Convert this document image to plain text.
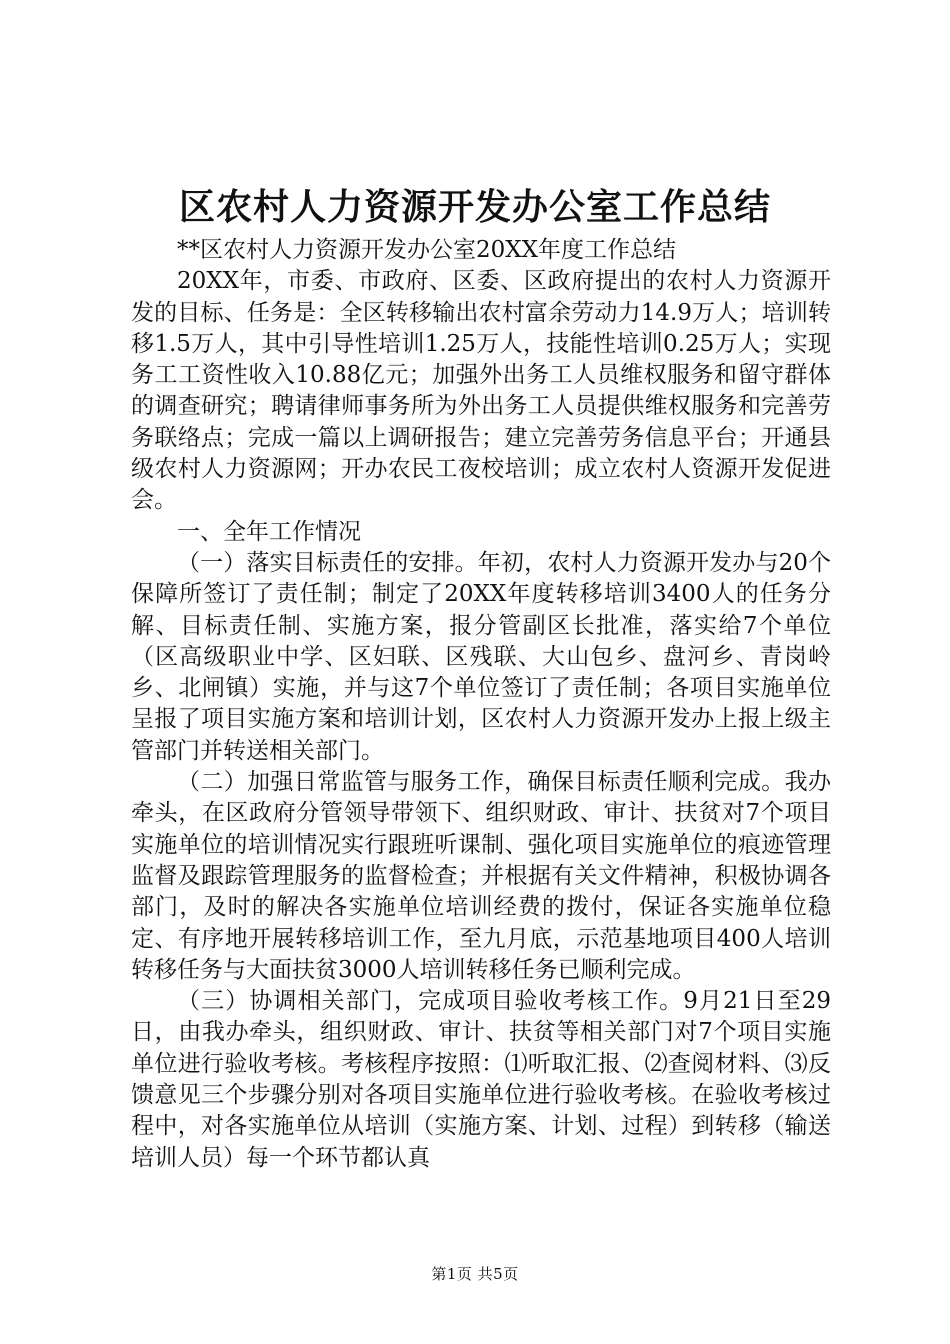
区农村人力资源开发办公室工作总结

**区农村人力资源开发办公室20XX年度工作总结

20XX年，市委、市政府、区委、区政府提出的农村人力资源开发的目标、任务是：全区转移输出农村富余劳动力14.9万人；培训转移1.5万人，其中引导性培训1.25万人，技能性培训0.25万人；实现务工工资性收入10.88亿元；加强外出务工人员维权服务和留守群体的调查研究；聘请律师事务所为外出务工人员提供维权服务和完善劳务联络点；完成一篇以上调研报告；建立完善劳务信息平台；开通县级农村人力资源网；开办农民工夜校培训；成立农村人资源开发促进会。

一、全年工作情况

（一）落实目标责任的安排。年初，农村人力资源开发办与20个保障所签订了责任制；制定了20XX年度转移培训3400人的任务分解、目标责任制、实施方案，报分管副区长批准，落实给7个单位（区高级职业中学、区妇联、区残联、大山包乡、盘河乡、青岗岭乡、北闸镇）实施，并与这7个单位签订了责任制；各项目实施单位呈报了项目实施方案和培训计划，区农村人力资源开发办上报上级主管部门并转送相关部门。

（二）加强日常监管与服务工作，确保目标责任顺利完成。我办牵头，在区政府分管领导带领下、组织财政、审计、扶贫对7个项目实施单位的培训情况实行跟班听课制、强化项目实施单位的痕迹管理监督及跟踪管理服务的监督检查；并根据有关文件精神，积极协调各部门，及时的解决各实施单位培训经费的拨付，保证各实施单位稳定、有序地开展转移培训工作，至九月底，示范基地项目400人培训转移任务与大面扶贫3000人培训转移任务已顺利完成。

（三）协调相关部门，完成项目验收考核工作。9月21日至29日，由我办牵头，组织财政、审计、扶贫等相关部门对7个项目实施单位进行验收考核。考核程序按照：⑴听取汇报、⑵查阅材料、⑶反馈意见三个步骤分别对各项目实施单位进行验收考核。在验收考核过程中，对各实施单位从培训（实施方案、计划、过程）到转移（输送培训人员）每一个环节都认真

第1页 共5页
